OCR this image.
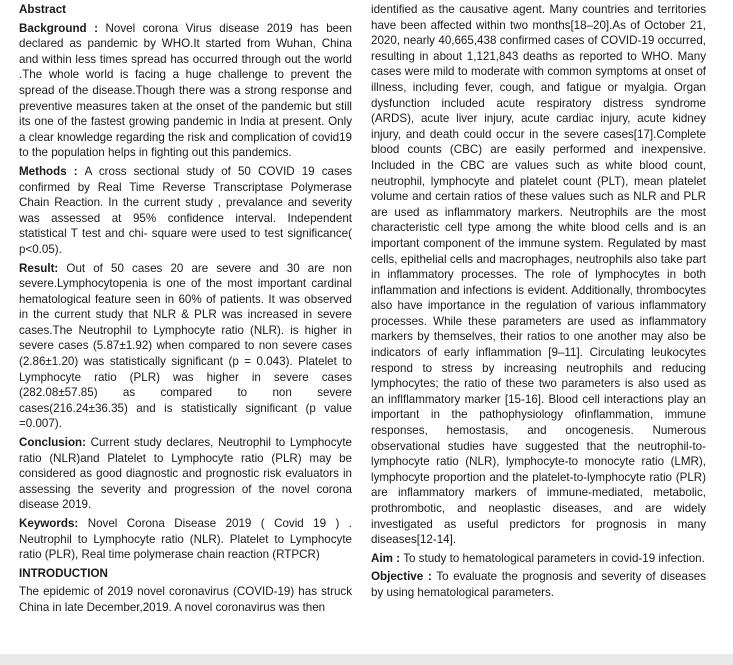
Abstract

Background : Novel corona Virus disease 2019 has been declared as pandemic by WHO.It started from Wuhan, China and within less times spread has occurred through out the world .The whole world is facing a huge challenge to prevent the spread of the disease.Though there was a strong response and preventive measures taken at the onset of the pandemic but still its one of the fastest growing pandemic in India at present. Only a clear knowledge regarding the risk and complication of covid19 to the population helps in fighting out this pandemics.

Methods : A cross sectional study of 50 COVID 19 cases confirmed by Real Time Reverse Transcriptase Polymerase Chain Reaction. In the current study , prevalance and severity was assessed at 95% confidence interval. Independent statistical T test and chi- square were used to test significance( p<0.05).

Result: Out of 50 cases 20 are severe and 30 are non severe.Lymphocytopenia is one of the most important cardinal hematological feature seen in 60% of patients. It was observed in the current study that NLR & PLR was increased in severe cases.The Neutrophil to Lymphocyte ratio (NLR). is higher in severe cases (5.87±1.92) when compared to non severe cases (2.86±1.20) was statistically significant (p = 0.043). Platelet to Lymphocyte ratio (PLR) was higher in severe cases (282.08±57.85) as compared to non severe cases(216.24±36.35) and is statistically significant (p value =0.007).

Conclusion: Current study declares, Neutrophil to Lymphocyte ratio (NLR)and Platelet to Lymphocyte ratio (PLR) may be considered as good diagnostic and prognostic risk evaluators in assessing the severity and progression of the novel corona disease 2019.

Keywords: Novel Corona Disease 2019 ( Covid 19 ) . Neutrophil to Lymphocyte ratio (NLR). Platelet to Lymphocyte ratio (PLR), Real time polymerase chain reaction (RTPCR)

INTRODUCTION

The epidemic of 2019 novel coronavirus (COVID-19) has struck China in late December,2019. A novel coronavirus was then

identified as the causative agent. Many countries and territories have been affected within two months[18–20].As of October 21, 2020, nearly 40,665,438 confirmed cases of COVID-19 occurred, resulting in about 1,121,843 deaths as reported to WHO. Many cases were mild to moderate with common symptoms at onset of illness, including fever, cough, and fatigue or myalgia. Organ dysfunction included acute respiratory distress syndrome (ARDS), acute liver injury, acute cardiac injury, acute kidney injury, and death could occur in the severe cases[17].Complete blood counts (CBC) are easily performed and inexpensive. Included in the CBC are values such as white blood count, neutrophil, lymphocyte and platelet count (PLT), mean platelet volume and certain ratios of these values such as NLR and PLR are used as inflammatory markers. Neutrophils are the most characteristic cell type among the white blood cells and is an important component of the immune system. Regulated by mast cells, epithelial cells and macrophages, neutrophils also take part in inflammatory processes. The role of lymphocytes in both inflammation and infections is evident. Additionally, thrombocytes also have importance in the regulation of various inflammatory processes. While these parameters are used as inflammatory markers by themselves, their ratios to one another may also be indicators of early inflammation [9–11]. Circulating leukocytes respond to stress by increasing neutrophils and reducing lymphocytes; the ratio of these two parameters is also used as an inflflammatory marker [15-16]. Blood cell interactions play an important in the pathophysiology ofinflammation, immune responses, hemostasis, and oncogenesis. Numerous observational studies have suggested that the neutrophil-to-lymphocyte ratio (NLR), lymphocyte-to monocyte ratio (LMR), lymphocyte proportion and the platelet-to-lymphocyte ratio (PLR) are inflammatory markers of immune-mediated, metabolic, prothrombotic, and neoplastic diseases, and are widely investigated as useful predictors for prognosis in many diseases[12-14].

Aim : To study to hematological parameters in covid-19 infection.

Objective : To evaluate the prognosis and severity of diseases by using hematological parameters.
